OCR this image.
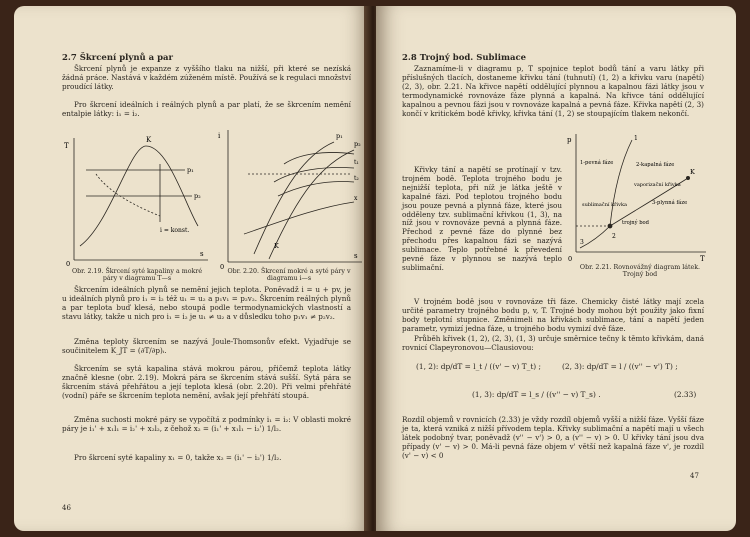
2.7 Škrcení plynů a par

Škrcení plynů je expanze z vyššího tlaku na nižší, při které se nezíská žádná práce. Nastává v každém zúženém místě. Používá se k regulaci množství proudící látky.

Pro škrcení ideálních i reálných plynů a par platí, že se škrcením nemění entalpie látky: i₁ = i₂.

T
K
p₁
p₂
i = konst.
0
s

Obr. 2.19. Škrcení syté kapaliny a mokré páry v diagramu T—s

i	p₁
p₂
t₁
t₂
x
K
0
s

Obr. 2.20. Škrcení mokré a syté páry v diagramu i—s

Škrcením ideálních plynů se nemění jejich teplota. Poněvadž i = u + pv, je u ideálních plynů pro i₁ = i₂ též u₁ = u₂ a p₁v₁ = p₂v₂. Škrcením reálných plynů a par teplota buď klesá, nebo stoupá podle termodynamických vlastností a stavu látky, takže u nich pro i₁ = i₂ je u₁ ≠ u₂ a v důsledku toho p₁v₁ ≠ p₂v₂.

Změna teploty škrcením se nazývá Joule-Thomsonův efekt. Vyjadřuje se součinitelem K_JT = (∂T/∂p)ᵢ.

Škrcením se sytá kapalina stává mokrou párou, přičemž teplota látky značně klesne (obr. 2.19). Mokrá pára se škrcením stává sušší. Sytá pára se škrcením stává přehřátou a její teplota klesá (obr. 2.20). Při velmi přehřáté (vodní) páře se škrcením teplota nemění, avšak její přehřátí stoupá.

Změna suchosti mokré páry se vypočítá z podmínky i₁ = i₂: V oblasti mokré páry je i₁' + x₁l₁ = i₂' + x₂l₂, z čehož x₂ = (i₁' + x₁l₁ − i₂') 1/l₂.

Pro škrcení syté kapaliny x₁ = 0, takže x₂ = (i₁' − i₂') 1/l₂.

46

2.8 Trojný bod. Sublimace

Zaznamíme-li v diagramu p, T spojnice teplot bodů tání a varu látky při příslušných tlacích, dostaneme křivku tání (tuhnutí) (1, 2) a křivku varu (napětí) (2, 3), obr. 2.21. Na křivce napětí oddělující plynnou a kapalnou fázi látky jsou v termodynamické rovnováze fáze plynná a kapalná. Na křivce tání oddělující kapalnou a pevnou fázi jsou v rovnováze kapalná a pevná fáze. Křivka napětí (2, 3) končí v kritickém bodě křivky, křivka tání (1, 2) se stoupajícím tlakem nekončí.

Křivky tání a napětí se protínají v tzv. trojném bodě. Teplota trojného bodu je nejnižší teplota, při níž je látka ještě v kapalné fázi. Pod teplotou trojného bodu jsou pouze pevná a plynná fáze, které jsou odděleny tzv. sublimační křivkou (1, 3), na níž jsou v rovnováze pevná a plynná fáze. Přechod z pevné fáze do plynné bez přechodu přes kapalnou fázi se nazývá sublimace. Teplo potřebné k převedení pevné fáze v plynnou se nazývá teplo sublimační.

p
T
0
1
2
3
K
1-pevná fáze	2-kapalná fáze
3-plynná fáze
sublimační křivka
trojný bod
vaporizační křivka

Obr. 2.21. Rovnovážný diagram látek. Trojný bod

V trojném bodě jsou v rovnováze tři fáze. Chemicky čisté látky mají zcela určité parametry trojného bodu p, v, T. Trojné body mohou být použity jako fixní body teplotní stupnice. Změnimeli na křivkách sublimace, tání a napětí jeden parametr, vymizí jedna fáze, u trojného bodu vymizí dvě fáze.

Průběh křivek (1, 2), (2, 3), (1, 3) určuje směrnice tečny k těmto křivkám, daná rovnicí Clapeyronovou—Clausiovou:

(1, 2): dp/dT = l_t / ((v' − v) T_t) ;	(2, 3): dp/dT = l / ((v'' − v') T) ;

(1, 3): dp/dT = l_s / ((v'' − v) T_s) .	(2.33)

Rozdíl objemů v rovnicích (2.33) je vždy rozdíl objemů vyšší a nižší fáze. Vyšší fáze je ta, která vzniká z nižší přívodem tepla. Křivky sublimační a napětí mají u všech látek podobný tvar, poněvadž (v'' − v') > 0, a (v'' − v) > 0. U křivky tání jsou dva případy (v' − v) > 0. Má-li pevná fáze objem v' větší než kapalná fáze v', je rozdíl (v' − v) < 0

47
